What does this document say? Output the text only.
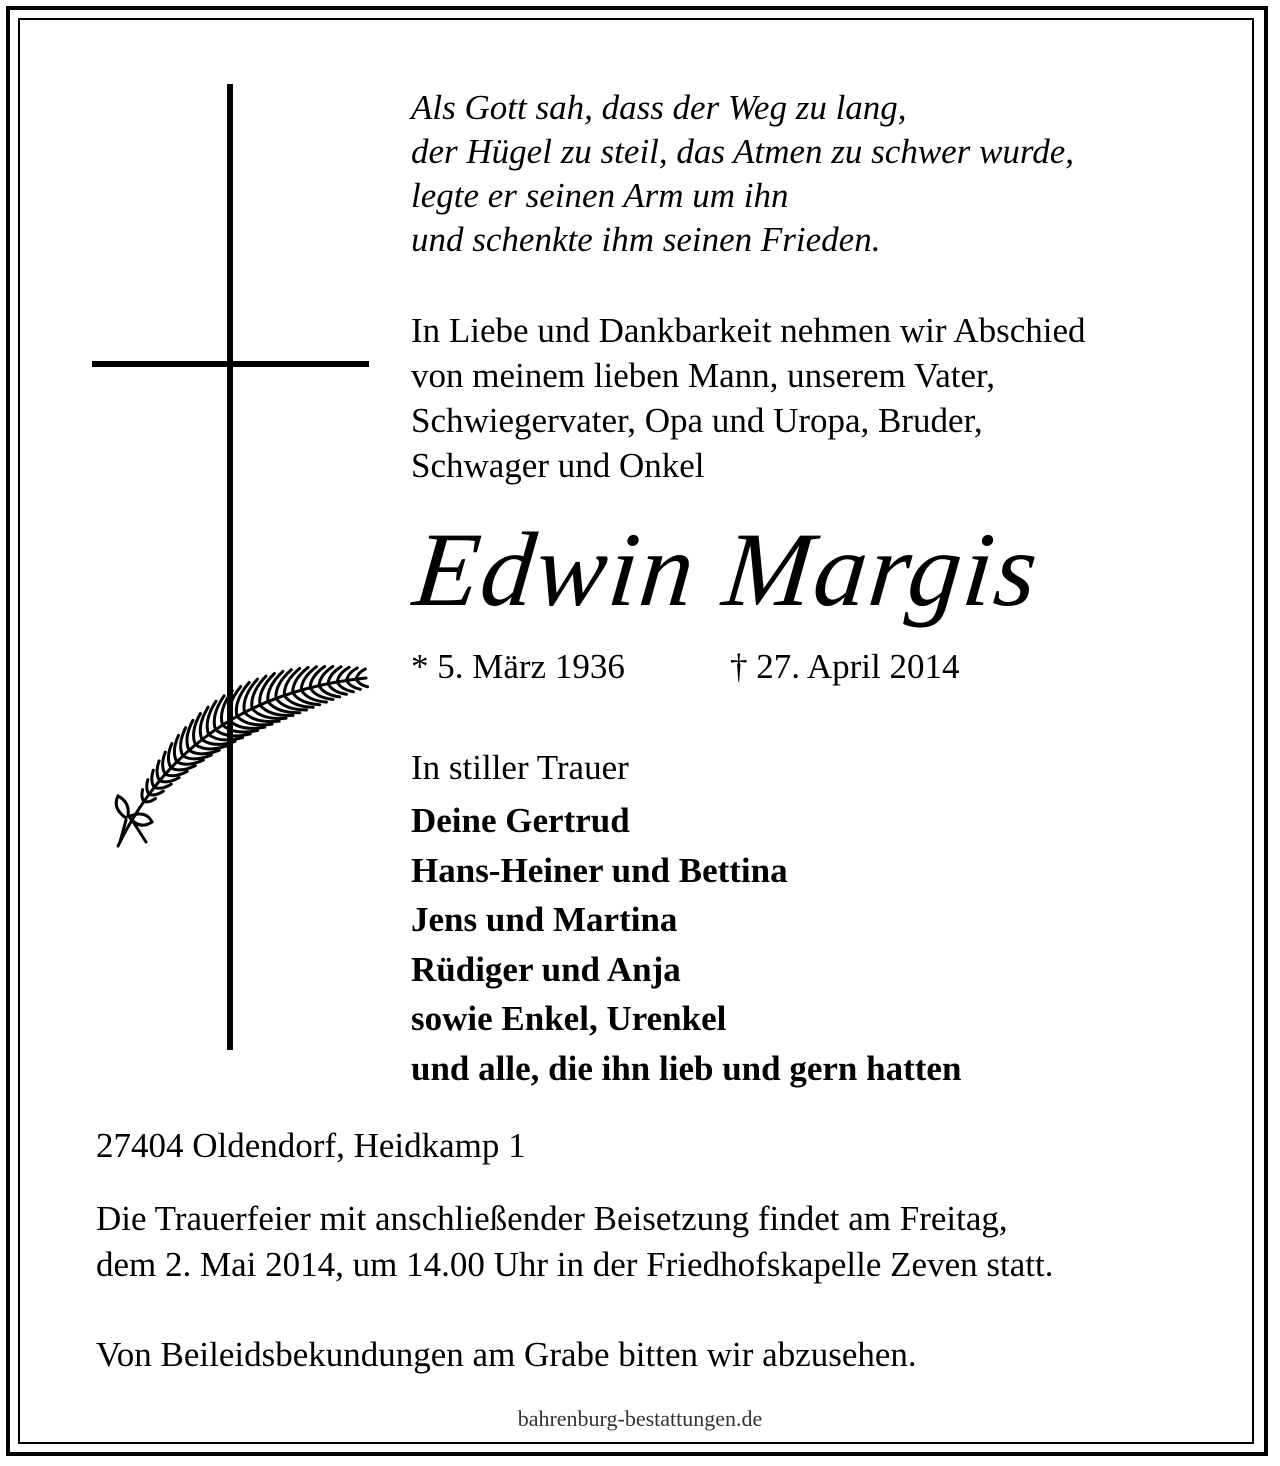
Als Gott sah, dass der Weg zu lang,
der Hügel zu steil, das Atmen zu schwer wurde,
legte er seinen Arm um ihn
und schenkte ihm seinen Frieden.
In Liebe und Dankbarkeit nehmen wir Abschied
von meinem lieben Mann, unserem Vater,
Schwiegervater, Opa und Uropa, Bruder,
Schwager und Onkel
Edwin Margis
* 5. März 1936	† 27. April 2014
In stiller Trauer
Deine Gertrud
Hans-Heiner und Bettina
Jens und Martina
Rüdiger und Anja
sowie Enkel, Urenkel
und alle, die ihn lieb und gern hatten
27404 Oldendorf, Heidkamp 1
Die Trauerfeier mit anschließender Beisetzung findet am Freitag,
dem 2. Mai 2014, um 14.00 Uhr in der Friedhofskapelle Zeven statt.
Von Beileidsbekundungen am Grabe bitten wir abzusehen.
bahrenburg-bestattungen.de
